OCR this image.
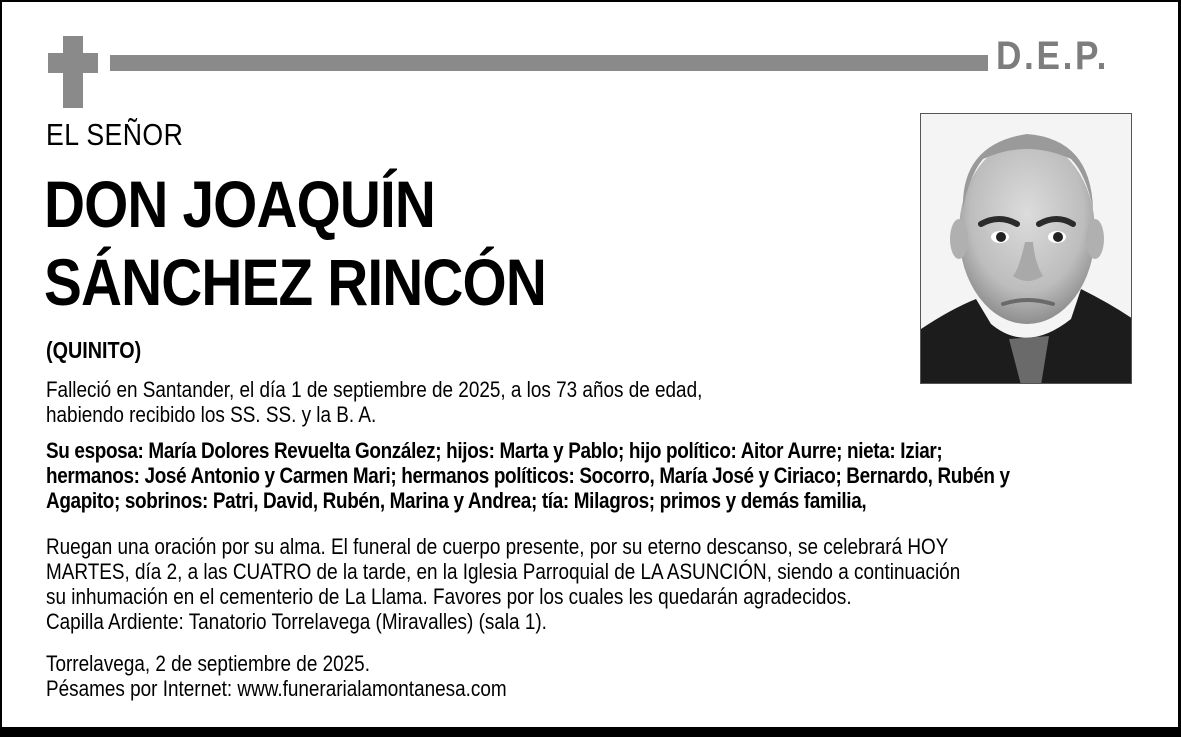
D.E.P.
EL SEÑOR
DON JOAQUÍN
SÁNCHEZ RINCÓN
(QUINITO)
Falleció en Santander, el día 1 de septiembre de 2025, a los 73 años de edad,
habiendo recibido los SS. SS. y la B. A.
Su esposa: María Dolores Revuelta González; hijos: Marta y Pablo; hijo político: Aitor Aurre; nieta: Iziar;
hermanos: José Antonio y Carmen Mari; hermanos políticos: Socorro, María José y Ciriaco; Bernardo, Rubén y
Agapito; sobrinos: Patri, David, Rubén, Marina y Andrea; tía: Milagros; primos y demás familia,
Ruegan una oración por su alma. El funeral de cuerpo presente, por su eterno descanso, se celebrará HOY
MARTES, día 2, a las CUATRO de la tarde, en la Iglesia Parroquial de LA ASUNCIÓN, siendo a continuación
su inhumación en el cementerio de La Llama. Favores por los cuales les quedarán agradecidos.
Capilla Ardiente: Tanatorio Torrelavega (Miravalles) (sala 1).
Torrelavega, 2 de septiembre de 2025.
Pésames por Internet: www.funerarialamontanesa.com
